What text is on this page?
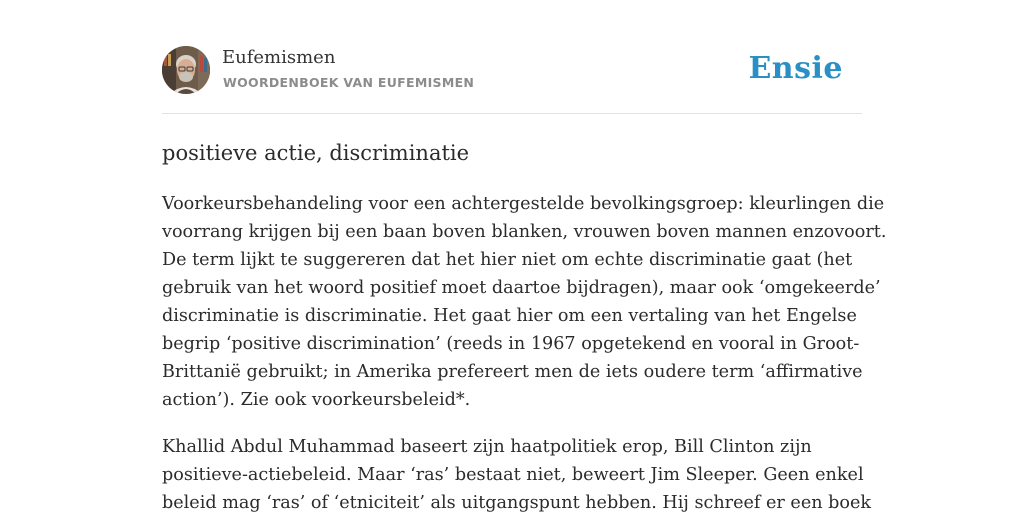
Eufemismen
WOORDENBOEK VAN EUFEMISMEN	Ensie
positieve actie, discriminatie
Voorkeursbehandeling voor een achtergestelde bevolkingsgroep: kleurlingen die
voorrang krijgen bij een baan boven blanken, vrouwen boven mannen enzovoort.
De term lijkt te suggereren dat het hier niet om echte discriminatie gaat (het
gebruik van het woord positief moet daartoe bijdragen), maar ook ‘omgekeerde’
discriminatie is discriminatie. Het gaat hier om een vertaling van het Engelse
begrip ‘positive discrimination’ (reeds in 1967 opgetekend en vooral in Groot-
Brittanië gebruikt; in Amerika prefereert men de iets oudere term ‘affirmative
action’). Zie ook voorkeursbeleid*.
Khallid Abdul Muhammad baseert zijn haatpolitiek erop, Bill Clinton zijn
positieve-actiebeleid. Maar ‘ras’ bestaat niet, beweert Jim Sleeper. Geen enkel
beleid mag ‘ras’ of ‘etniciteit’ als uitgangspunt hebben. Hij schreef er een boek
